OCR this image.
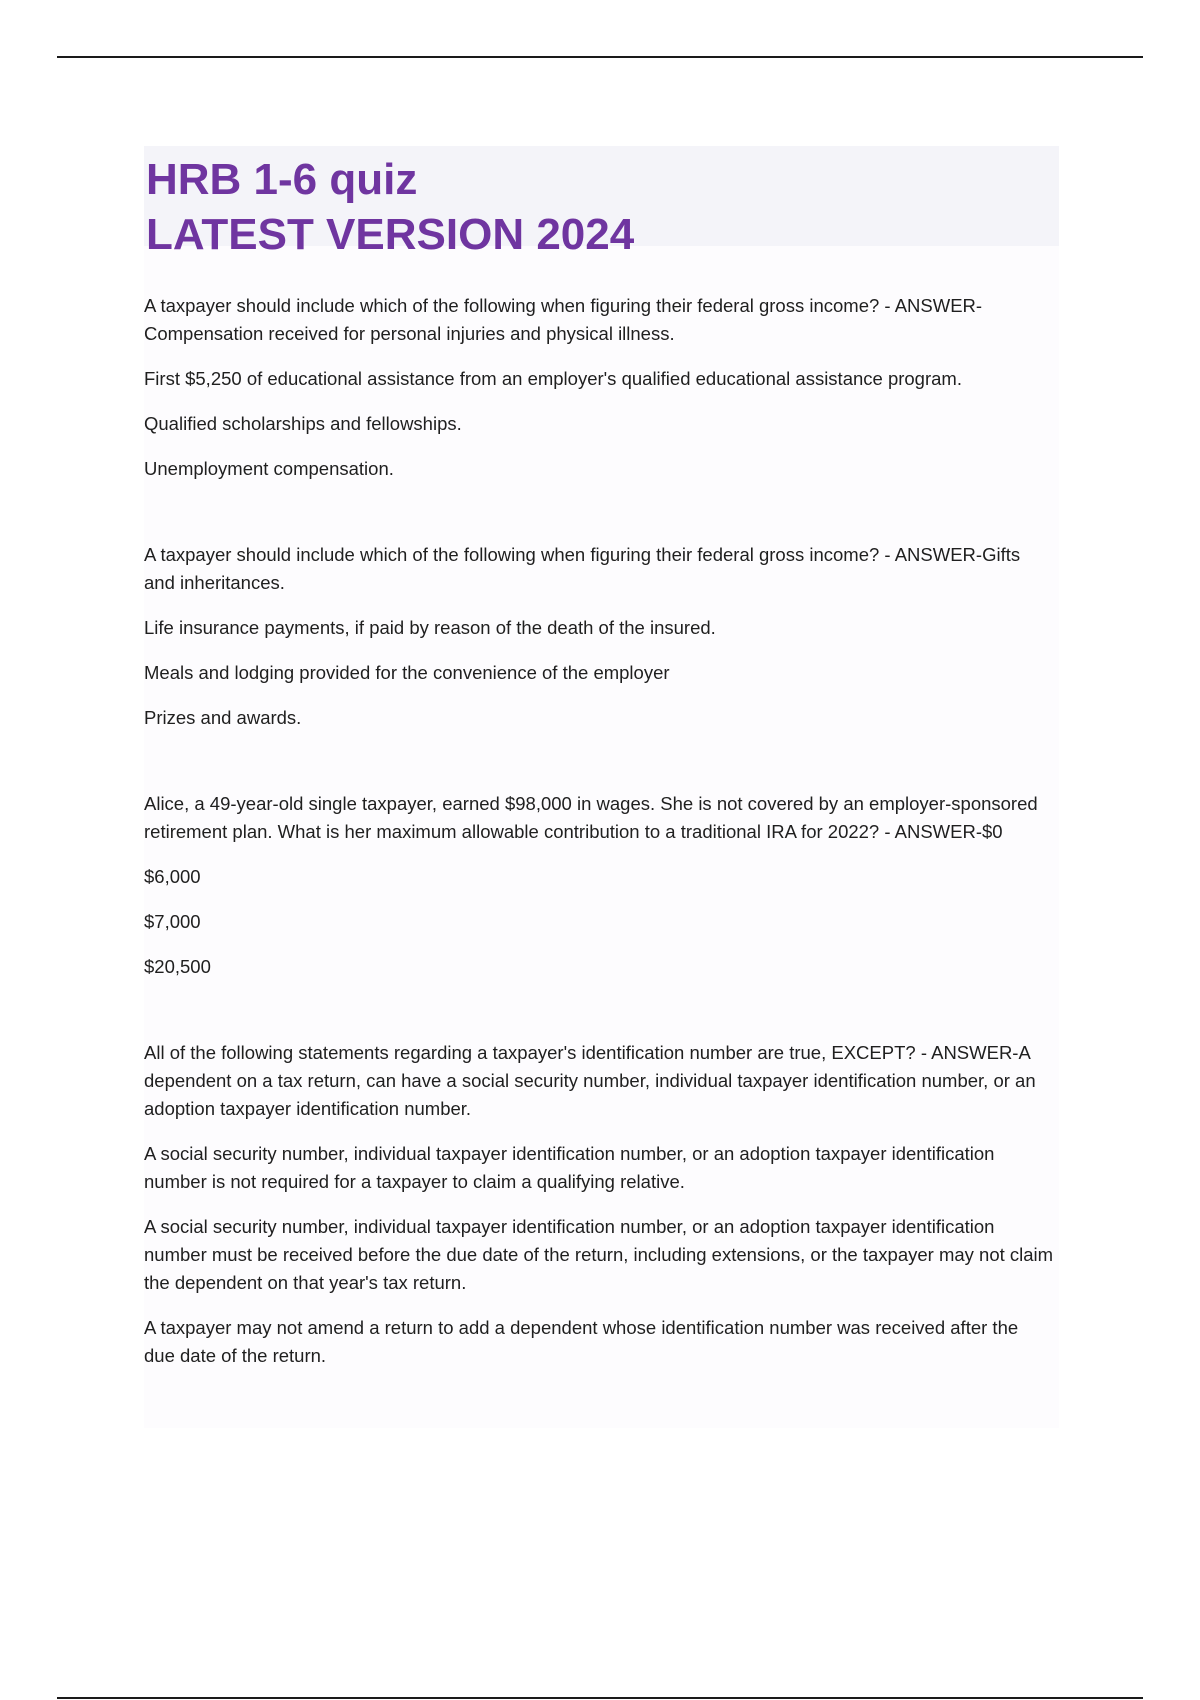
HRB 1-6 quiz
LATEST VERSION 2024

A taxpayer should include which of the following when figuring their federal gross income? - ANSWER-Compensation received for personal injuries and physical illness.

First $5,250 of educational assistance from an employer's qualified educational assistance program.

Qualified scholarships and fellowships.

Unemployment compensation.

A taxpayer should include which of the following when figuring their federal gross income? - ANSWER-Gifts and inheritances.

Life insurance payments, if paid by reason of the death of the insured.

Meals and lodging provided for the convenience of the employer

Prizes and awards.

Alice, a 49-year-old single taxpayer, earned $98,000 in wages. She is not covered by an employer-sponsored retirement plan. What is her maximum allowable contribution to a traditional IRA for 2022? - ANSWER-$0

$6,000

$7,000

$20,500

All of the following statements regarding a taxpayer's identification number are true, EXCEPT? - ANSWER-A dependent on a tax return, can have a social security number, individual taxpayer identification number, or an adoption taxpayer identification number.

A social security number, individual taxpayer identification number, or an adoption taxpayer identification number is not required for a taxpayer to claim a qualifying relative.

A social security number, individual taxpayer identification number, or an adoption taxpayer identification number must be received before the due date of the return, including extensions, or the taxpayer may not claim the dependent on that year's tax return.

A taxpayer may not amend a return to add a dependent whose identification number was received after the due date of the return.
